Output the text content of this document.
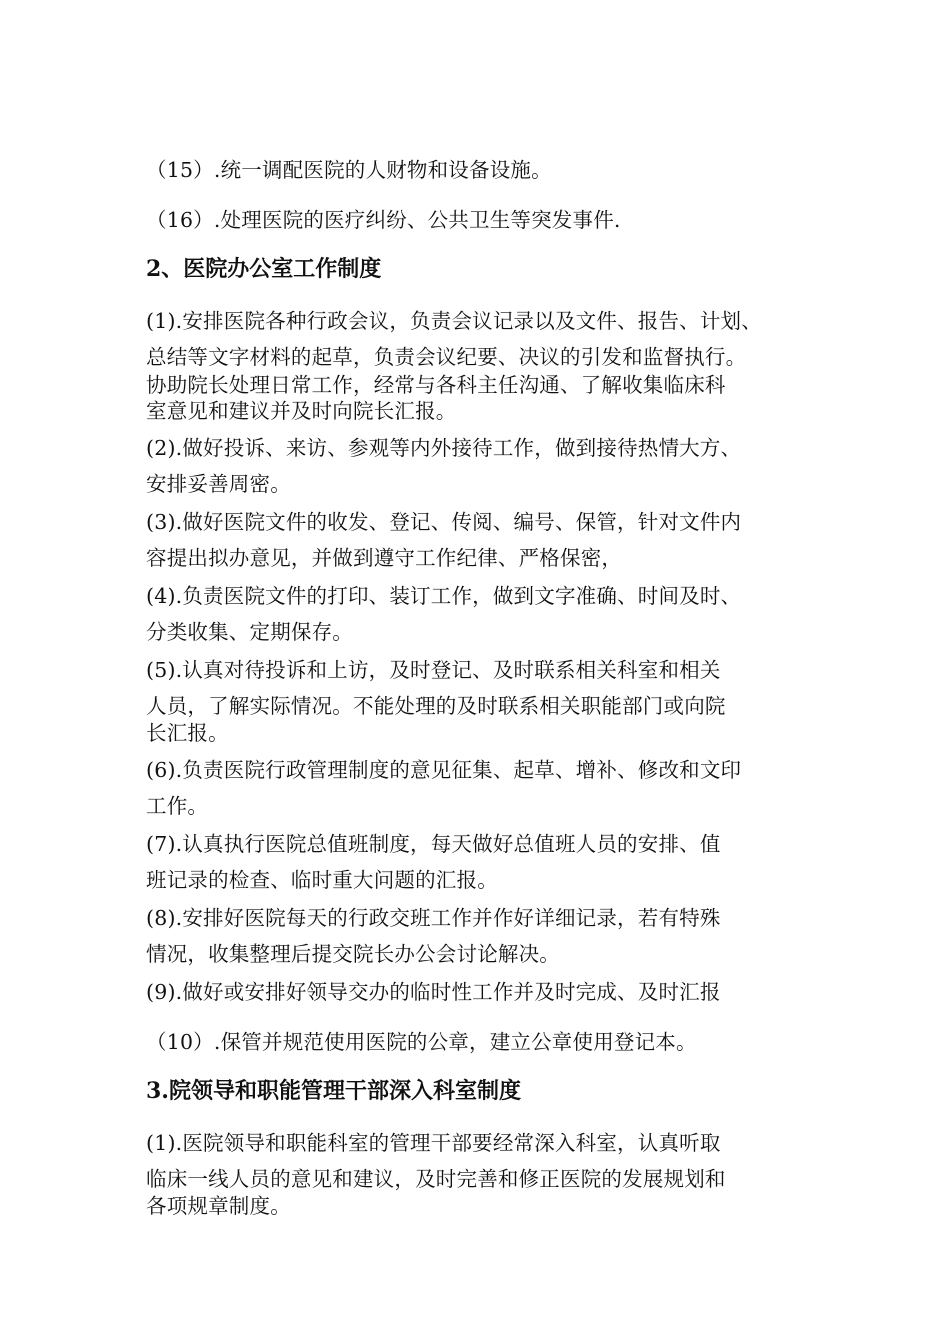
（15）.统一调配医院的人财物和设备设施。

（16）.处理医院的医疗纠纷、公共卫生等突发事件.

2、医院办公室工作制度

(1).安排医院各种行政会议，负责会议记录以及文件、报告、计划、

总结等文字材料的起草，负责会议纪要、决议的引发和监督执行。

协助院长处理日常工作，经常与各科主任沟通、了解收集临床科

室意见和建议并及时向院长汇报。

(2).做好投诉、来访、参观等内外接待工作，做到接待热情大方、

安排妥善周密。

(3).做好医院文件的收发、登记、传阅、编号、保管，针对文件内

容提出拟办意见，并做到遵守工作纪律、严格保密，

(4).负责医院文件的打印、装订工作，做到文字准确、时间及时、

分类收集、定期保存。

(5).认真对待投诉和上访，及时登记、及时联系相关科室和相关

人员，了解实际情况。不能处理的及时联系相关职能部门或向院

长汇报。

(6).负责医院行政管理制度的意见征集、起草、增补、修改和文印

工作。

(7).认真执行医院总值班制度，每天做好总值班人员的安排、值

班记录的检查、临时重大问题的汇报。

(8).安排好医院每天的行政交班工作并作好详细记录，若有特殊

情况，收集整理后提交院长办公会讨论解决。

(9).做好或安排好领导交办的临时性工作并及时完成、及时汇报

（10）.保管并规范使用医院的公章，建立公章使用登记本。

3.院领导和职能管理干部深入科室制度

(1).医院领导和职能科室的管理干部要经常深入科室，认真听取

临床一线人员的意见和建议，及时完善和修正医院的发展规划和

各项规章制度。
